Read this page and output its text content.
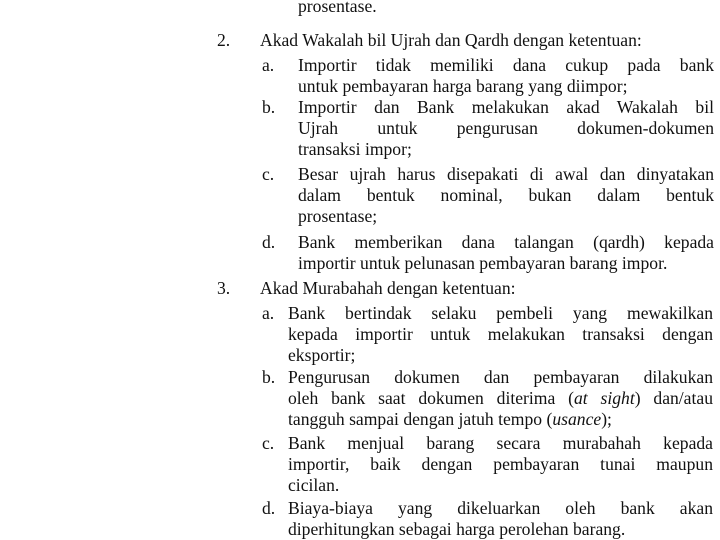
prosentase.
2. Akad Wakalah bil Ujrah dan Qardh dengan ketentuan:
a. Importir tidak memiliki dana cukup pada bank
untuk pembayaran harga barang yang diimpor;
b. Importir dan Bank melakukan akad Wakalah bil
Ujrah untuk pengurusan dokumen-dokumen
transaksi impor;
c. Besar ujrah harus disepakati di awal dan dinyatakan
dalam bentuk nominal, bukan dalam bentuk
prosentase;
d. Bank memberikan dana talangan (qardh) kepada
importir untuk pelunasan pembayaran barang impor.
3. Akad Murabahah dengan ketentuan:
a. Bank bertindak selaku pembeli yang mewakilkan
kepada importir untuk melakukan transaksi dengan
eksportir;
b. Pengurusan dokumen dan pembayaran dilakukan
oleh bank saat dokumen diterima (at sight) dan/atau
tangguh sampai dengan jatuh tempo (usance);
c. Bank menjual barang secara murabahah kepada
importir, baik dengan pembayaran tunai maupun
cicilan.
d. Biaya-biaya yang dikeluarkan oleh bank akan
diperhitungkan sebagai harga perolehan barang.
